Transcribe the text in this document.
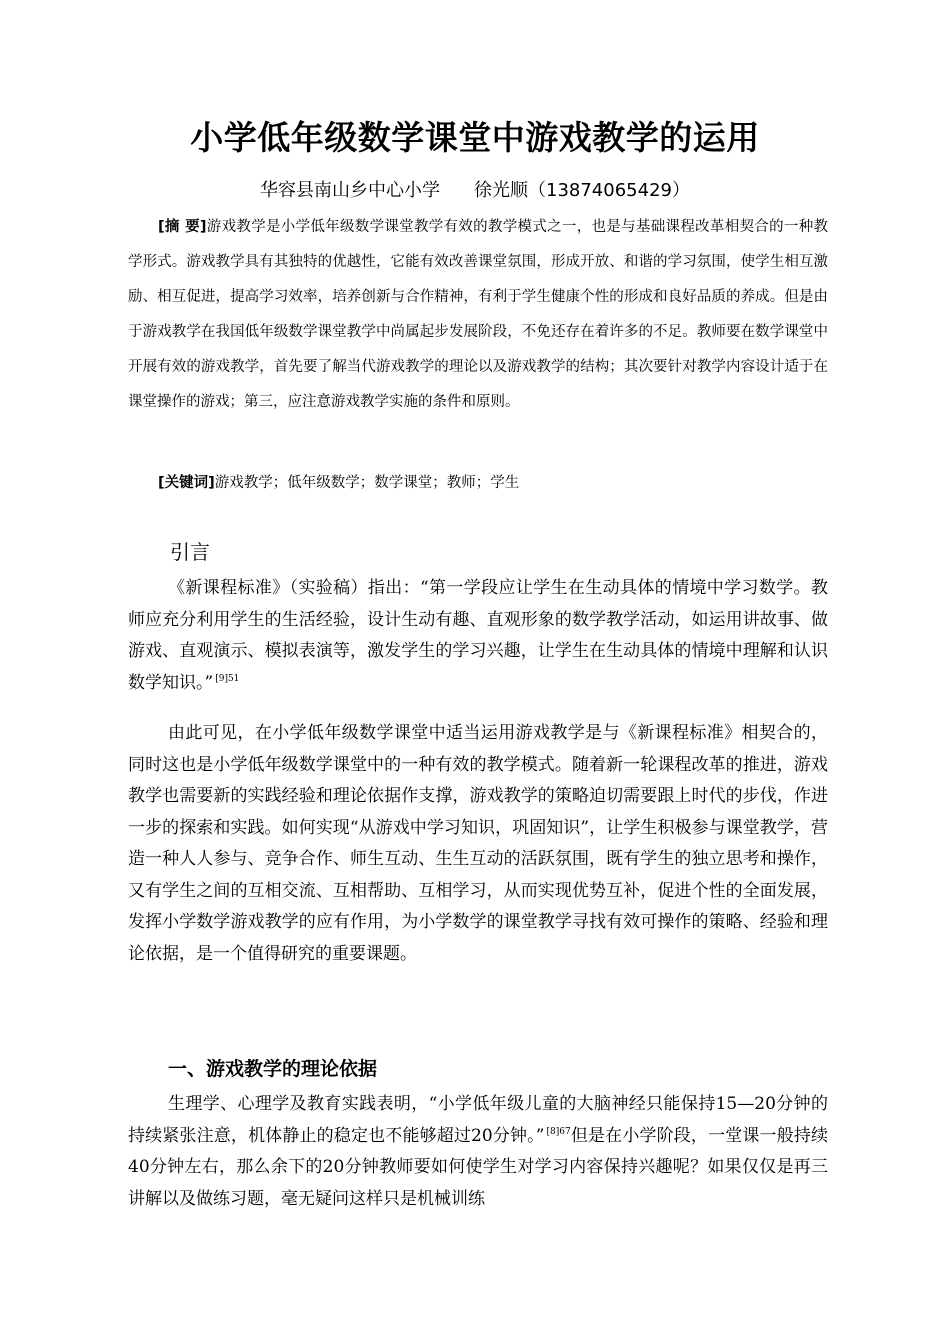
小学低年级数学课堂中游戏教学的运用
华容县南山乡中心小学 徐光顺（13874065429）
[摘 要]游戏教学是小学低年级数学课堂教学有效的教学模式之一，也是与基础课程改革相契合的一种教学形式。游戏教学具有其独特的优越性，它能有效改善课堂氛围，形成开放、和谐的学习氛围，使学生相互激励、相互促进，提高学习效率，培养创新与合作精神，有利于学生健康个性的形成和良好品质的养成。但是由于游戏教学在我国低年级数学课堂教学中尚属起步发展阶段，不免还存在着许多的不足。教师要在数学课堂中开展有效的游戏教学，首先要了解当代游戏教学的理论以及游戏教学的结构；其次要针对教学内容设计适于在课堂操作的游戏；第三，应注意游戏教学实施的条件和原则。
[关键词]游戏教学；低年级数学；数学课堂；教师；学生
引言
《新课程标准》（实验稿）指出：“第一学段应让学生在生动具体的情境中学习数学。教师应充分利用学生的生活经验，设计生动有趣、直观形象的数学教学活动，如运用讲故事、做游戏、直观演示、模拟表演等，激发学生的学习兴趣，让学生在生动具体的情境中理解和认识数学知识。” $^{[9]51}$
由此可见，在小学低年级数学课堂中适当运用游戏教学是与《新课程标准》相契合的，同时这也是小学低年级数学课堂中的一种有效的教学模式。随着新一轮课程改革的推进，游戏教学也需要新的实践经验和理论依据作支撑，游戏教学的策略迫切需要跟上时代的步伐，作进一步的探索和实践。如何实现“从游戏中学习知识，巩固知识”，让学生积极参与课堂教学，营造一种人人参与、竞争合作、师生互动、生生互动的活跃氛围，既有学生的独立思考和操作，又有学生之间的互相交流、互相帮助、互相学习，从而实现优势互补，促进个性的全面发展，发挥小学数学游戏教学的应有作用，为小学数学的课堂教学寻找有效可操作的策略、经验和理论依据，是一个值得研究的重要课题。
一、游戏教学的理论依据
生理学、心理学及教育实践表明，“小学低年级儿童的大脑神经只能保持15—20分钟的持续紧张注意，机体静止的稳定也不能够超过20分钟。” $^{[8]67}$但是在小学阶段，一堂课一般持续40分钟左右，那么余下的20分钟教师要如何使学生对学习内容保持兴趣呢？如果仅仅是再三讲解以及做练习题，毫无疑问这样只是机械训练
